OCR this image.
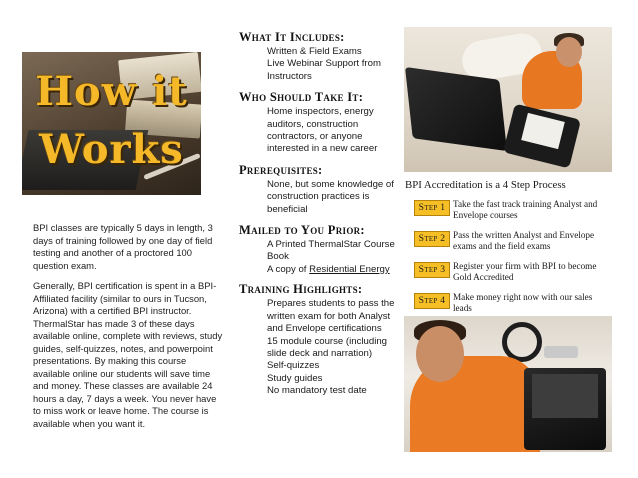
How it
Works

BPI classes are typically 5 days in length, 3 days of training followed by one day of field testing and another of a proctored 100 question exam.

Generally, BPI certification is spent in a BPI-Affiliated facility (similar to ours in Tucson, Arizona) with a certified BPI instructor. ThermalStar has made 3 of these days available online, complete with reviews, study guides, self-quizzes, notes, and powerpoint presentations. By making this course available online our students will save time and money. These classes are available 24 hours a day, 7 days a week. You never have to miss work or leave home. The course is available when you want it.

What It Includes:
Written & Field Exams
Live Webinar Support from Instructors
Who Should Take It:
Home inspectors, energy auditors, construction contractors, or anyone interested in a new career
Prerequisites:
None, but some knowledge of construction practices is beneficial
Mailed to You Prior:
A Printed ThermalStar Course Book
A copy of Residential Energy
Training Highlights:
Prepares students to pass the written exam for both Analyst and Envelope certifications
15 module course (including slide deck and narration)
Self-quizzes
Study guides
No mandatory test date
BPI Accreditation is a 4 Step Process
Step 1 Take the fast track training Analyst and Envelope courses
Step 2 Pass the written Analyst and Envelope exams and the field exams
Step 3 Register your firm with BPI to become Gold Accredited
Step 4 Make money right now with our sales leads
